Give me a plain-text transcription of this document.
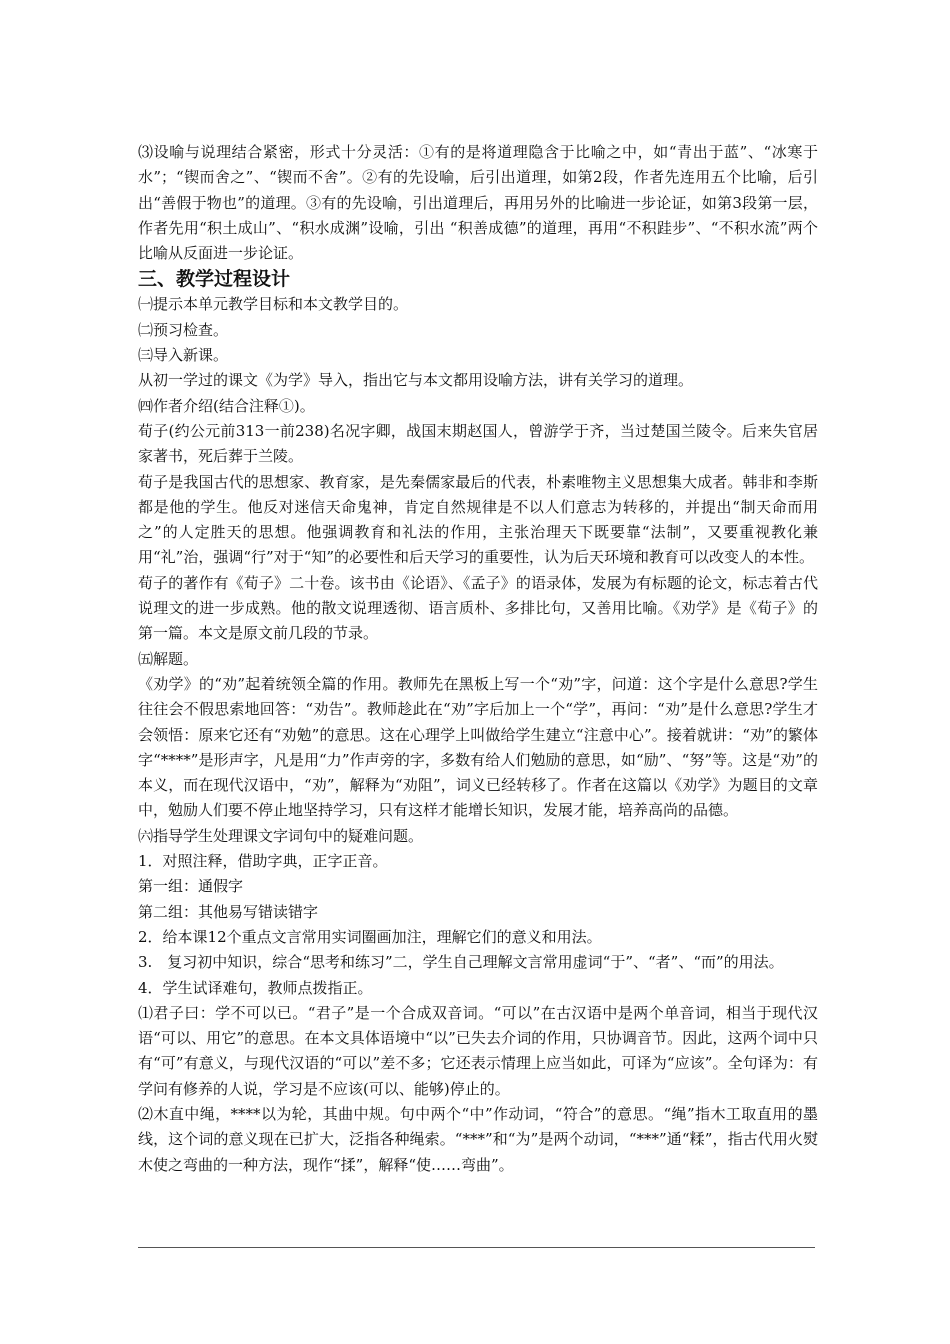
⑶设喻与说理结合紧密，形式十分灵活：①有的是将道理隐含于比喻之中，如“青出于蓝”、“冰寒于水”；“锲而舍之”、“锲而不舍”。②有的先设喻，后引出道理，如第2段，作者先连用五个比喻，后引出“善假于物也”的道理。③有的先设喻，引出道理后，再用另外的比喻进一步论证，如第3段第一层，作者先用“积土成山”、“积水成渊”设喻，引出 “积善成德”的道理，再用“不积跬步”、“不积水流”两个比喻从反面进一步论证。

三、教学过程设计

㈠提示本单元教学目标和本文教学目的。

㈡预习检查。

㈢导入新课。

从初一学过的课文《为学》导入，指出它与本文都用设喻方法，讲有关学习的道理。

㈣作者介绍(结合注释①)。

荀子(约公元前313一前238)名况字卿，战国末期赵国人，曾游学于齐，当过楚国兰陵令。后来失官居家著书，死后葬于兰陵。

荀子是我国古代的思想家、教育家，是先秦儒家最后的代表，朴素唯物主义思想集大成者。韩非和李斯都是他的学生。他反对迷信天命鬼神，肯定自然规律是不以人们意志为转移的，并提出“制天命而用之”的人定胜天的思想。他强调教育和礼法的作用，主张治理天下既要靠“法制”，又要重视教化兼用“礼”治，强调“行”对于“知”的必要性和后天学习的重要性，认为后天环境和教育可以改变人的本性。

荀子的著作有《荀子》二十卷。该书由《论语》、《孟子》的语录体，发展为有标题的论文，标志着古代说理文的进一步成熟。他的散文说理透彻、语言质朴、多排比句，又善用比喻。《劝学》是《荀子》的第一篇。本文是原文前几段的节录。

㈤解题。

《劝学》的“劝”起着统领全篇的作用。教师先在黑板上写一个“劝”字，问道：这个字是什么意思?学生往往会不假思索地回答：“劝告”。教师趁此在“劝”字后加上一个“学”，再问：“劝”是什么意思?学生才会领悟：原来它还有“劝勉”的意思。这在心理学上叫做给学生建立“注意中心”。接着就讲：“劝”的繁体字“****”是形声字，凡是用“力”作声旁的字，多数有给人们勉励的意思，如“励”、“努”等。这是“劝”的本义，而在现代汉语中，“劝”，解释为“劝阻”，词义已经转移了。作者在这篇以《劝学》为题目的文章中，勉励人们要不停止地坚持学习，只有这样才能增长知识，发展才能，培养高尚的品德。

㈥指导学生处理课文字词句中的疑难问题。

1．对照注释，借助字典，正字正音。

第一组：通假字

第二组：其他易写错读错字

2．给本课12个重点文言常用实词圈画加注，理解它们的意义和用法。

3.　复习初中知识，综合“思考和练习”二，学生自己理解文言常用虚词“于”、“者”、“而”的用法。

4．学生试译难句，教师点拨指正。

⑴君子曰：学不可以已。“君子”是一个合成双音词。“可以”在古汉语中是两个单音词，相当于现代汉语“可以、用它”的意思。在本文具体语境中“以”已失去介词的作用，只协调音节。因此，这两个词中只有“可”有意义，与现代汉语的“可以”差不多；它还表示情理上应当如此，可译为“应该”。全句译为：有学问有修养的人说，学习是不应该(可以、能够)停止的。

⑵木直中绳，****以为轮，其曲中规。句中两个“中”作动词，“符合”的意思。“绳”指木工取直用的墨线，这个词的意义现在已扩大，泛指各种绳索。“***”和“为”是两个动词，“***”通“糅”，指古代用火熨木使之弯曲的一种方法，现作“揉”，解释“使……弯曲”。
